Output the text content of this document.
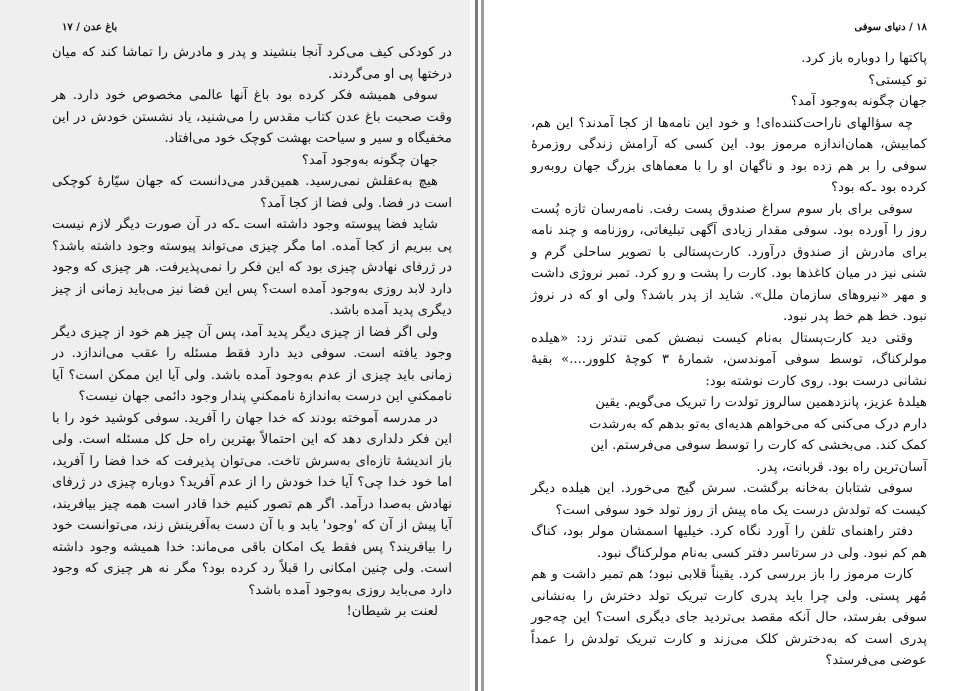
باغ عدن / ۱۷

در کودکی کیف می‌کرد آنجا بنشیند و پدر و مادرش را تماشا کند که میان درختها پی او می‌گردند.

سوفی همیشه فکر کرده بود باغ آنها عالمی مخصوص خود دارد. هر وقت صحبت باغ عدن کتاب مقدس را می‌شنید، یاد نشستن خودش در این مخفیگاه و سیر و سیاحت بهشت کوچک خود می‌افتاد.

جهان چگونه به‌وجود آمد؟

هیچ به‌عقلش نمی‌رسید. همین‌قدر می‌دانست که جهان سیّارهٔ کوچکی است در فضا. ولی فضا از کجا آمد؟

شاید فضا پیوسته وجود داشته است ـ‌که در آن صورت دیگر لازم نیست پی ببریم از کجا آمده. اما مگر چیزی می‌تواند پیوسته وجود داشته باشد؟ در ژرفای نهادش چیزی بود که این فکر را نمی‌پذیرفت. هر چیزی که وجود دارد لابد روزی به‌وجود آمده است؟ پس این فضا نیز می‌باید زمانی از چیز دیگری پدید آمده باشد.

ولی اگر فضا از چیزی دیگر پدید آمد، پس آن چیز هم خود از چیزی دیگر وجود یافته است. سوفی دید دارد فقط مسئله را عقب می‌اندازد. در زمانی باید چیزی از عدم به‌وجود آمده باشد. ولی آیا این ممکن است؟ آیا ناممکنیِ این درست به‌اندازهٔ ناممکنیِ پندار وجود دائمی جهان نیست؟

در مدرسه آموخته بودند که خدا جهان را آفرید. سوفی کوشید خود را با این فکر دلداری دهد که این احتمالاً بهترین راه حل کل مسئله است. ولی باز اندیشهٔ تازه‌ای به‌سرش تاخت. می‌توان پذیرفت که خدا فضا را آفرید، اما خود خدا چی؟ آیا خدا خودش را از عدم آفرید؟ دوباره چیزی در ژرفای نهادش به‌صدا درآمد. اگر هم تصور کنیم خدا قادر است همه چیز بیافریند، آیا پیش از آن که 'وجود' یابد و با آن دست به‌آفرینش زند، می‌توانست خود را بیافریند؟ پس فقط یک امکان باقی می‌ماند: خدا همیشه وجود داشته است. ولی چنین امکانی را قبلاً رد کرده بود؟ مگر نه هر چیزی که وجود دارد می‌باید روزی به‌وجود آمده باشد؟

لعنت بر شیطان!

۱۸ / دنیای سوفی

پاکتها را دوباره باز کرد.

تو کیستی؟

جهان چگونه به‌وجود آمد؟

چه سؤالهای ناراحت‌کننده‌ای! و خود این نامه‌ها از کجا آمدند؟ این هم، کمابیش، همان‌اندازه مرموز بود. این کسی که آرامش زندگی روزمرهٔ سوفی را بر هم زده بود و ناگهان او را با معماهای بزرگ جهان روبه‌رو کرده بود ـ‌که بود؟

سوفی برای بار سوم سراغ صندوق پست رفت. نامه‌رسان تازه پُست روز را آورده بود. سوفی مقدار زیادی آگهی تبلیغاتی، روزنامه و چند نامه برای مادرش از صندوق درآورد. کارت‌پستالی با تصویر ساحلی گرم و شنی نیز در میان کاغذها بود. کارت را پشت و رو کرد. تمبر نروژی داشت و مهر «نیروهای سازمان ملل». شاید از پدر باشد؟ ولی او که در نروژ نبود. خط هم خط پدر نبود.

وقتی دید کارت‌پستال به‌نام کیست نبضش کمی تندتر زد: «هیلده مولرکناگ، توسط سوفی آموندسن، شمارهٔ ۳ کوچهٔ کلوور....» بقیهٔ نشانی درست بود. روی کارت نوشته بود:

هیلدهٔ عزیز، پانزدهمین سالروز تولدت را تبریک می‌گویم. یقین

دارم درک می‌کنی که می‌خواهم هدیه‌ای به‌تو بدهم که به‌رشدت

کمک کند. می‌بخشی که کارت را توسط سوفی می‌فرستم. این

آسان‌ترین راه بود. قربانت، پدر.

سوفی شتابان به‌خانه برگشت. سرش گیج می‌خورد. این هیلده دیگر کیست که تولدش درست یک ماه پیش از روز تولد خود سوفی است؟

دفتر راهنمای تلفن را آورد نگاه کرد. خیلیها اسمشان مولر بود، کناگ هم کم نبود. ولی در سرتاسر دفتر کسی به‌نام مولرکناگ نبود.

کارت مرموز را باز بررسی کرد. یقیناً قلابی نبود؛ هم تمبر داشت و هم مُهر پستی. ولی چرا باید پدری کارت تبریک تولد دخترش را به‌نشانی سوفی بفرستد، حال آنکه مقصد بی‌تردید جای دیگری است؟ این چه‌جور پدری است که به‌دخترش کلک می‌زند و کارت تبریک تولدش را عمداً عوضی می‌فرستد؟
